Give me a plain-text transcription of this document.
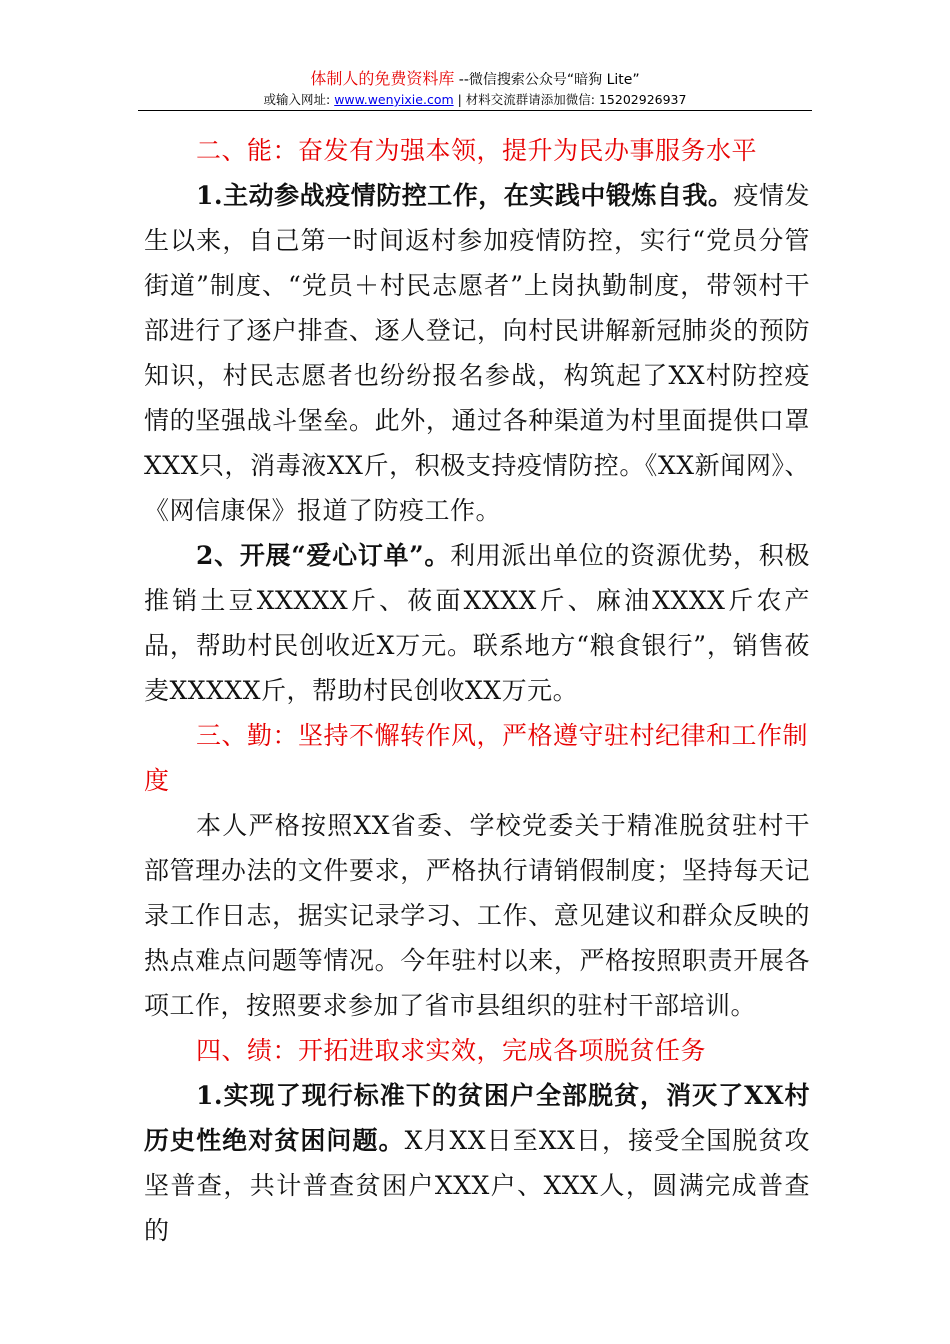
体制人的免费资料库 --微信搜索公众号“暗狗 Lite”
或输入网址: www.wenyixie.com | 材料交流群请添加微信: 15202926937

二、能：奋发有为强本领，提升为民办事服务水平

1.主动参战疫情防控工作，在实践中锻炼自我。疫情发生以来，自己第一时间返村参加疫情防控，实行“党员分管街道”制度、“党员＋村民志愿者”上岗执勤制度，带领村干部进行了逐户排查、逐人登记，向村民讲解新冠肺炎的预防知识，村民志愿者也纷纷报名参战，构筑起了XX村防控疫情的坚强战斗堡垒。此外，通过各种渠道为村里面提供口罩XXX只，消毒液XX斤，积极支持疫情防控。《XX新闻网》、《网信康保》报道了防疫工作。

2、开展“爱心订单”。利用派出单位的资源优势，积极推销土豆XXXXX斤、莜面XXXX斤、麻油XXXX斤农产品，帮助村民创收近X万元。联系地方“粮食银行”，销售莜麦XXXXX斤，帮助村民创收XX万元。

三、勤：坚持不懈转作风，严格遵守驻村纪律和工作制度

本人严格按照XX省委、学校党委关于精准脱贫驻村干部管理办法的文件要求，严格执行请销假制度；坚持每天记录工作日志，据实记录学习、工作、意见建议和群众反映的热点难点问题等情况。今年驻村以来，严格按照职责开展各项工作，按照要求参加了省市县组织的驻村干部培训。

四、绩：开拓进取求实效，完成各项脱贫任务

1.实现了现行标准下的贫困户全部脱贫，消灭了XX村历史性绝对贫困问题。X月XX日至XX日，接受全国脱贫攻坚普查，共计普查贫困户XXX户、XXX人，圆满完成普查的
